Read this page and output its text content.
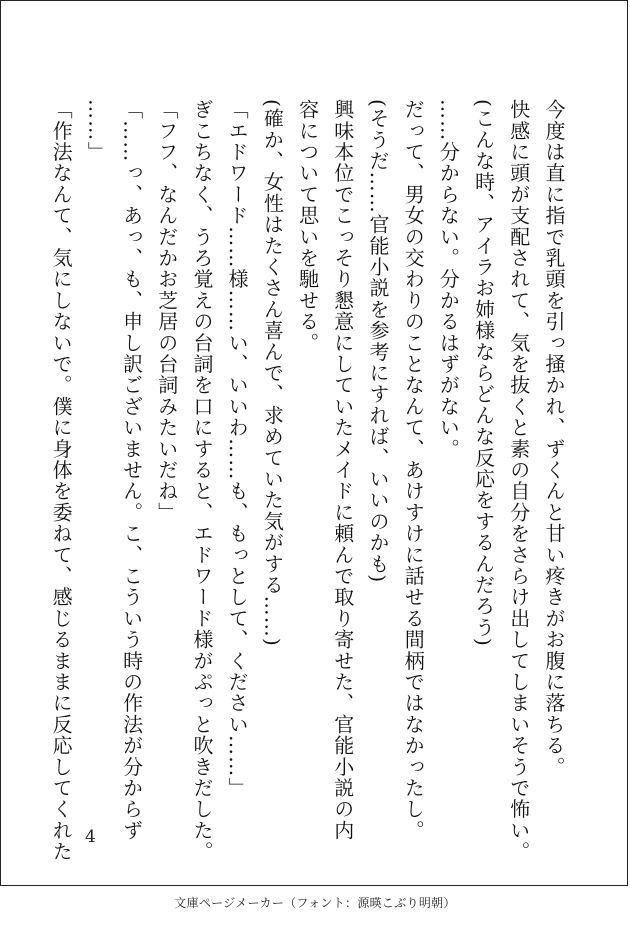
今度は直に指で乳頭を引っ掻かれ、ずくんと甘い疼きがお腹に落ちる。
快感に頭が支配されて、気を抜くと素の自分をさらけ出してしまいそうで怖い。
(こんな時、アイラお姉様ならどんな反応をするんだろう)
……分からない。分かるはずがない。
だって、男女の交わりのことなんて、あけすけに話せる間柄ではなかったし。
(そうだ……官能小説を参考にすれば、いいのかも)
興味本位でこっそり懇意にしていたメイドに頼んで取り寄せた、官能小説の内
容について思いを馳せる。
(確か、女性はたくさん喜んで、求めていた気がする……)
「エドワード……様……い、いいわ……も、もっとして、ください……」
ぎこちなく、うろ覚えの台詞を口にすると、エドワード様がぷっと吹きだした。
「フフ、なんだかお芝居の台詞みたいだね」
「……っ、あっ、も、申し訳ございません。こ、こういう時の作法が分からず
……」
「作法なんて、気にしないで。僕に身体を委ねて、感じるままに反応してくれた 4
文庫ページメーカー（フォント：源暎こぶり明朝）
